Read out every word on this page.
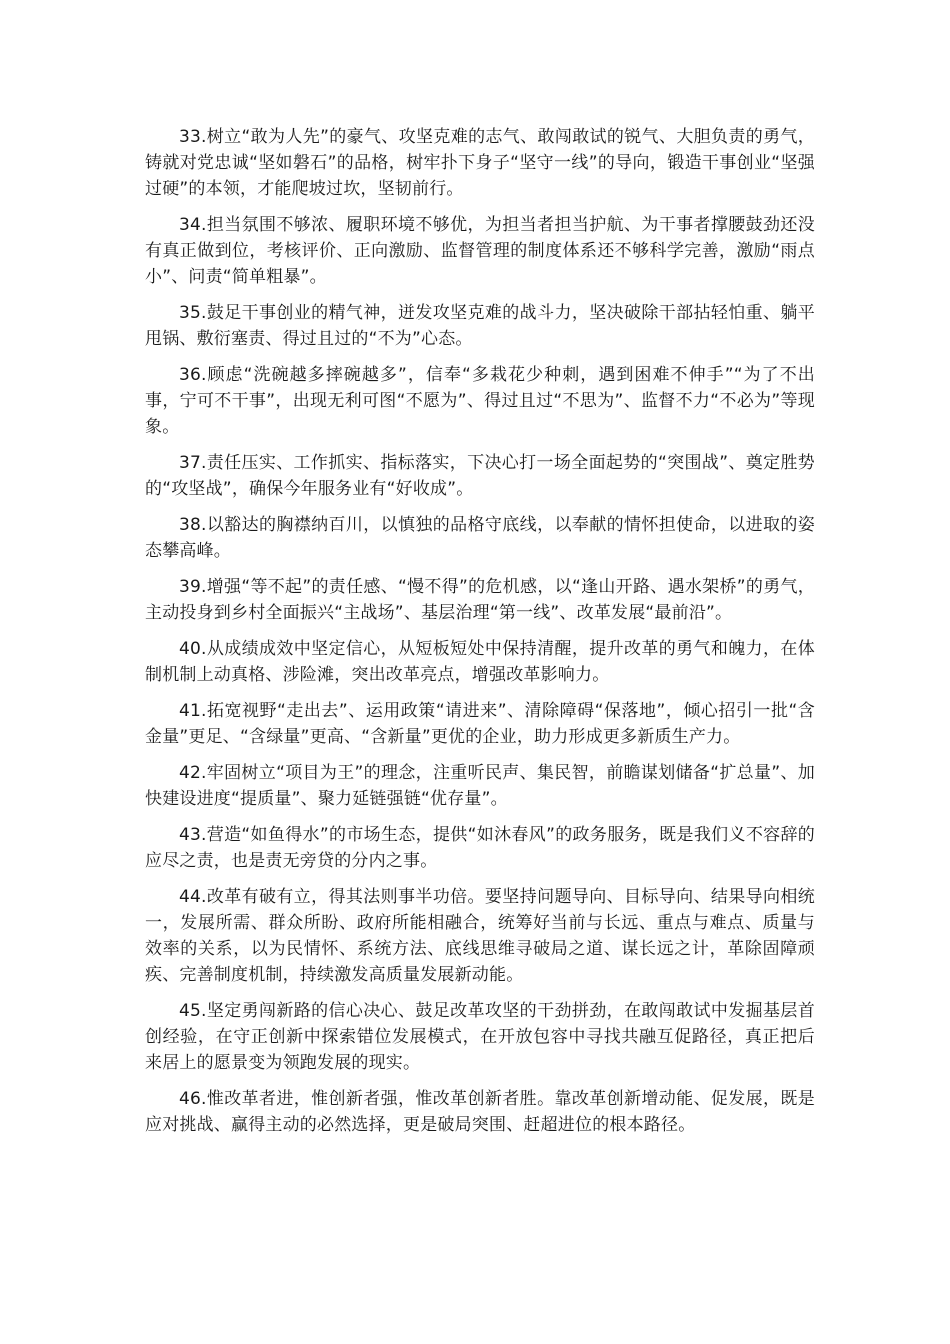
33.树立“敢为人先”的豪气、攻坚克难的志气、敢闯敢试的锐气、大胆负责的勇气，铸就对党忠诚“坚如磐石”的品格，树牢扑下身子“坚守一线”的导向，锻造干事创业“坚强过硬”的本领，才能爬坡过坎，坚韧前行。

34.担当氛围不够浓、履职环境不够优，为担当者担当护航、为干事者撑腰鼓劲还没有真正做到位，考核评价、正向激励、监督管理的制度体系还不够科学完善，激励“雨点小”、问责“简单粗暴”。

35.鼓足干事创业的精气神，迸发攻坚克难的战斗力，坚决破除干部拈轻怕重、躺平甩锅、敷衍塞责、得过且过的“不为”心态。

36.顾虑“洗碗越多摔碗越多”，信奉“多栽花少种刺，遇到困难不伸手”“为了不出事，宁可不干事”，出现无利可图“不愿为”、得过且过“不思为”、监督不力“不必为”等现象。

37.责任压实、工作抓实、指标落实，下决心打一场全面起势的“突围战”、奠定胜势的“攻坚战”，确保今年服务业有“好收成”。

38.以豁达的胸襟纳百川，以慎独的品格守底线，以奉献的情怀担使命，以进取的姿态攀高峰。

39.增强“等不起”的责任感、“慢不得”的危机感，以“逢山开路、遇水架桥”的勇气，主动投身到乡村全面振兴“主战场”、基层治理“第一线”、改革发展“最前沿”。

40.从成绩成效中坚定信心，从短板短处中保持清醒，提升改革的勇气和魄力，在体制机制上动真格、涉险滩，突出改革亮点，增强改革影响力。

41.拓宽视野“走出去”、运用政策“请进来”、清除障碍“保落地”，倾心招引一批“含金量”更足、“含绿量”更高、“含新量”更优的企业，助力形成更多新质生产力。

42.牢固树立“项目为王”的理念，注重听民声、集民智，前瞻谋划储备“扩总量”、加快建设进度“提质量”、聚力延链强链“优存量”。

43.营造“如鱼得水”的市场生态，提供“如沐春风”的政务服务，既是我们义不容辞的应尽之责，也是责无旁贷的分内之事。

44.改革有破有立，得其法则事半功倍。要坚持问题导向、目标导向、结果导向相统一，发展所需、群众所盼、政府所能相融合，统筹好当前与长远、重点与难点、质量与效率的关系，以为民情怀、系统方法、底线思维寻破局之道、谋长远之计，革除固障顽疾、完善制度机制，持续激发高质量发展新动能。

45.坚定勇闯新路的信心决心、鼓足改革攻坚的干劲拼劲，在敢闯敢试中发掘基层首创经验，在守正创新中探索错位发展模式，在开放包容中寻找共融互促路径，真正把后来居上的愿景变为领跑发展的现实。

46.惟改革者进，惟创新者强，惟改革创新者胜。靠改革创新增动能、促发展，既是应对挑战、赢得主动的必然选择，更是破局突围、赶超进位的根本路径。
